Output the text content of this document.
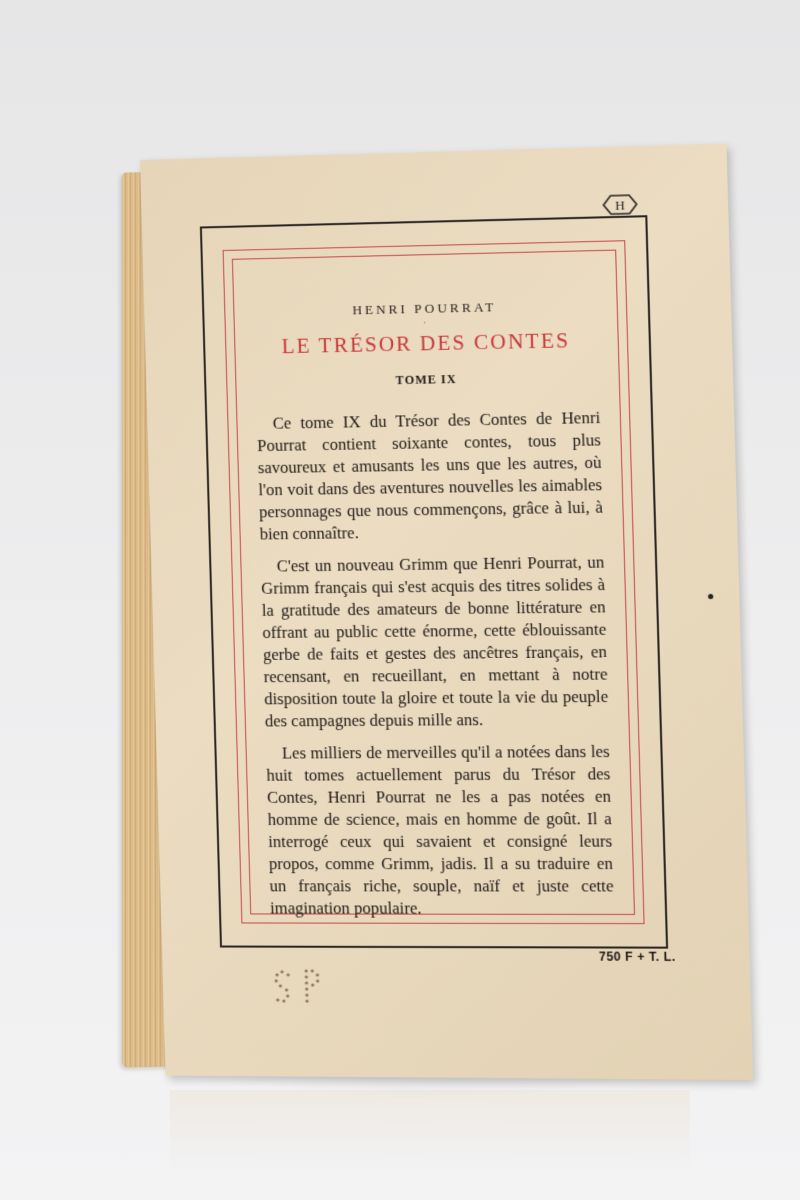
H
HENRI POURRAT
·
LE TRÉSOR DES CONTES
TOME IX

Ce tome IX du Trésor des Contes de Henri Pourrat contient soixante contes, tous plus savoureux et amusants les uns que les autres, où l'on voit dans des aventures nouvelles les aimables personnages que nous commençons, grâce à lui, à bien connaître.

C'est un nouveau Grimm que Henri Pourrat, un Grimm français qui s'est acquis des titres solides à la gratitude des amateurs de bonne littérature en offrant au public cette énorme, cette éblouissante gerbe de faits et gestes des ancêtres français, en recensant, en recueillant, en mettant à notre disposition toute la gloire et toute la vie du peuple des campagnes depuis mille ans.

Les milliers de merveilles qu'il a notées dans les huit tomes actuellement parus du Trésor des Contes, Henri Pourrat ne les a pas notées en homme de science, mais en homme de goût. Il a interrogé ceux qui savaient et consigné leurs propos, comme Grimm, jadis. Il a su traduire en un français riche, souple, naïf et juste cette imagination populaire.

750 F + T. L.
S P
